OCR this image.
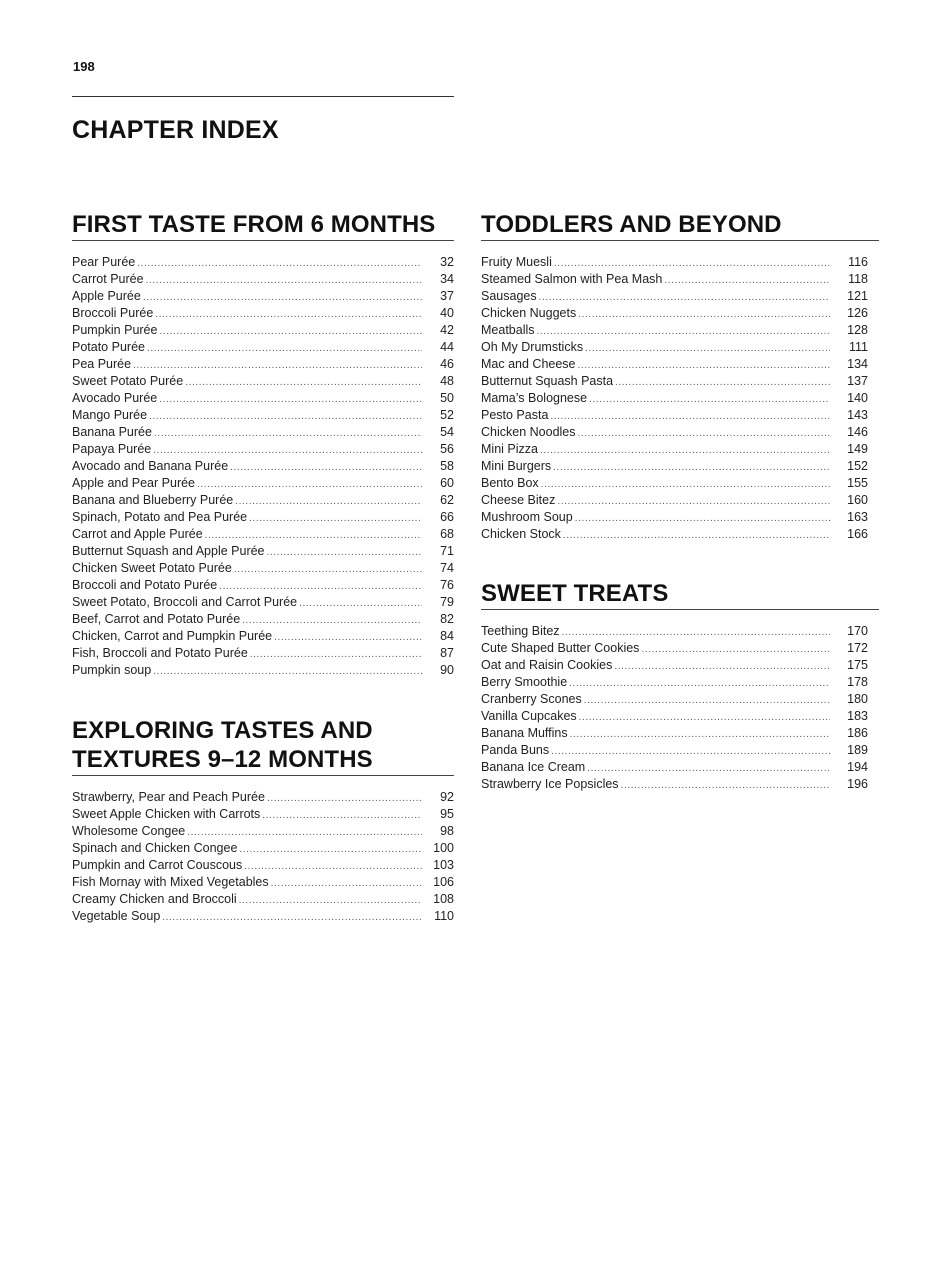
198
CHAPTER INDEX
FIRST TASTE FROM 6 MONTHS
Pear Purée .....	32
Carrot Purée .....	34
Apple Purée .....	37
Broccoli Purée .....	40
Pumpkin Purée .....	42
Potato Purée .....	44
Pea Purée .....	46
Sweet Potato Purée .....	48
Avocado Purée .....	50
Mango Purée .....	52
Banana Purée .....	54
Papaya Purée .....	56
Avocado and Banana Purée .....	58
Apple and Pear Purée .....	60
Banana and Blueberry Purée .....	62
Spinach, Potato and Pea Purée .....	66
Carrot and Apple Purée .....	68
Butternut Squash and Apple Purée .....	71
Chicken Sweet Potato Purée .....	74
Broccoli and Potato Purée .....	76
Sweet Potato, Broccoli and Carrot Purée .....	79
Beef, Carrot and Potato Purée .....	82
Chicken, Carrot and Pumpkin Purée .....	84
Fish, Broccoli and Potato Purée .....	87
Pumpkin soup .....	90
EXPLORING TASTES AND
TEXTURES 9–12 MONTHS
Strawberry, Pear and Peach Purée .....	92
Sweet Apple Chicken with Carrots .....	95
Wholesome Congee .....	98
Spinach and Chicken Congee .....	100
Pumpkin and Carrot Couscous .....	103
Fish Mornay with Mixed Vegetables .....	106
Creamy Chicken and Broccoli .....	108
Vegetable Soup .....	110
TODDLERS AND BEYOND
Fruity Muesli .....	116
Steamed Salmon with Pea Mash .....	118
Sausages .....	121
Chicken Nuggets .....	126
Meatballs .....	128
Oh My Drumsticks .....	111
Mac and Cheese .....	134
Butternut Squash Pasta .....	137
Mama’s Bolognese .....	140
Pesto Pasta .....	143
Chicken Noodles .....	146
Mini Pizza .....	149
Mini Burgers .....	152
Bento Box .....	155
Cheese Bitez .....	160
Mushroom Soup .....	163
Chicken Stock .....	166
SWEET TREATS
Teething Bitez .....	170
Cute Shaped Butter Cookies .....	172
Oat and Raisin Cookies .....	175
Berry Smoothie .....	178
Cranberry Scones .....	180
Vanilla Cupcakes .....	183
Banana Muffins .....	186
Panda Buns .....	189
Banana Ice Cream .....	194
Strawberry Ice Popsicles .....	196
